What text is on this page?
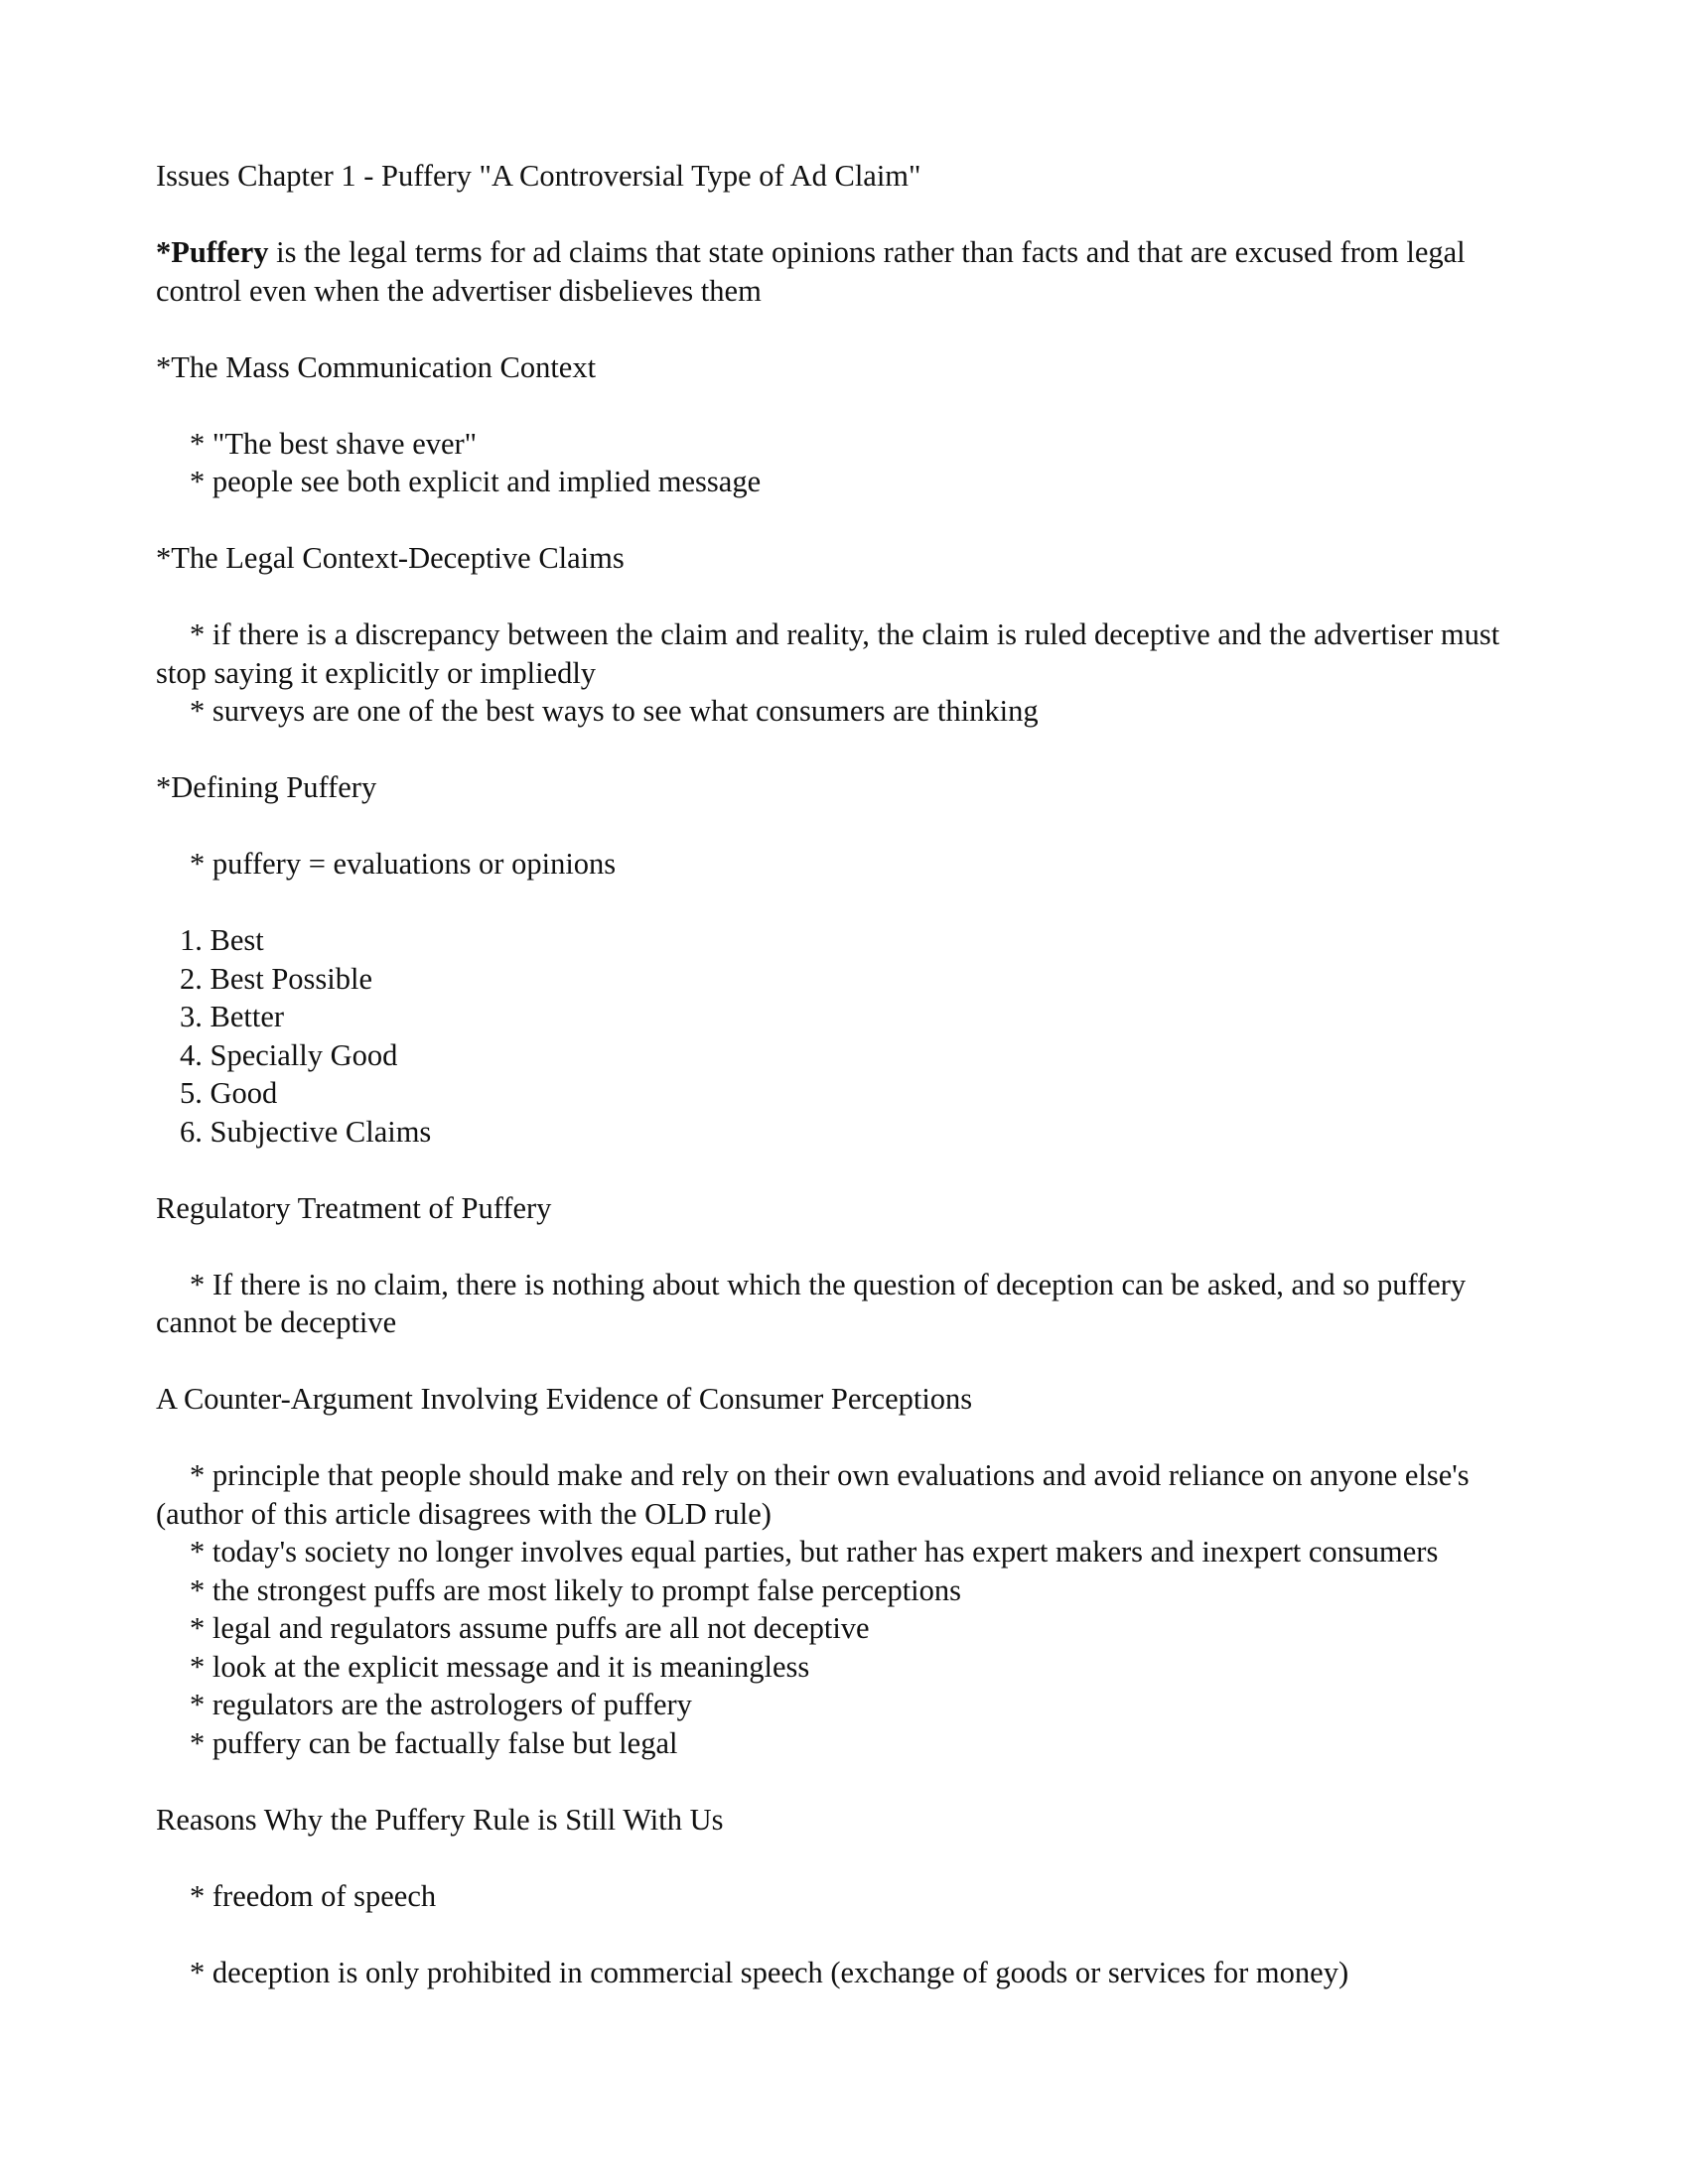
Issues Chapter 1 - Puffery "A Controversial Type of Ad Claim"
*Puffery is the legal terms for ad claims that state opinions rather than facts and that are excused from legal control even when the advertiser disbelieves them
*The Mass Communication Context
* "The best shave ever"
* people see both explicit and implied message
*The Legal Context-Deceptive Claims
* if there is a discrepancy between the claim and reality, the claim is ruled deceptive and the advertiser must stop saying it explicitly or impliedly
* surveys are one of the best ways to see what consumers are thinking
*Defining Puffery
* puffery = evaluations or opinions
1. Best
2. Best Possible
3. Better
4. Specially Good
5. Good
6. Subjective Claims
Regulatory Treatment of Puffery
* If there is no claim, there is nothing about which the question of deception can be asked, and so puffery cannot be deceptive
A Counter-Argument Involving Evidence of Consumer Perceptions
* principle that people should make and rely on their own evaluations and avoid reliance on anyone else's (author of this article disagrees with the OLD rule)
* today's society no longer involves equal parties, but rather has expert makers and inexpert consumers
* the strongest puffs are most likely to prompt false perceptions
* legal and regulators assume puffs are all not deceptive
* look at the explicit message and it is meaningless
* regulators are the astrologers of puffery
* puffery can be factually false but legal
Reasons Why the Puffery Rule is Still With Us
* freedom of speech
* deception is only prohibited in commercial speech (exchange of goods or services for money)
